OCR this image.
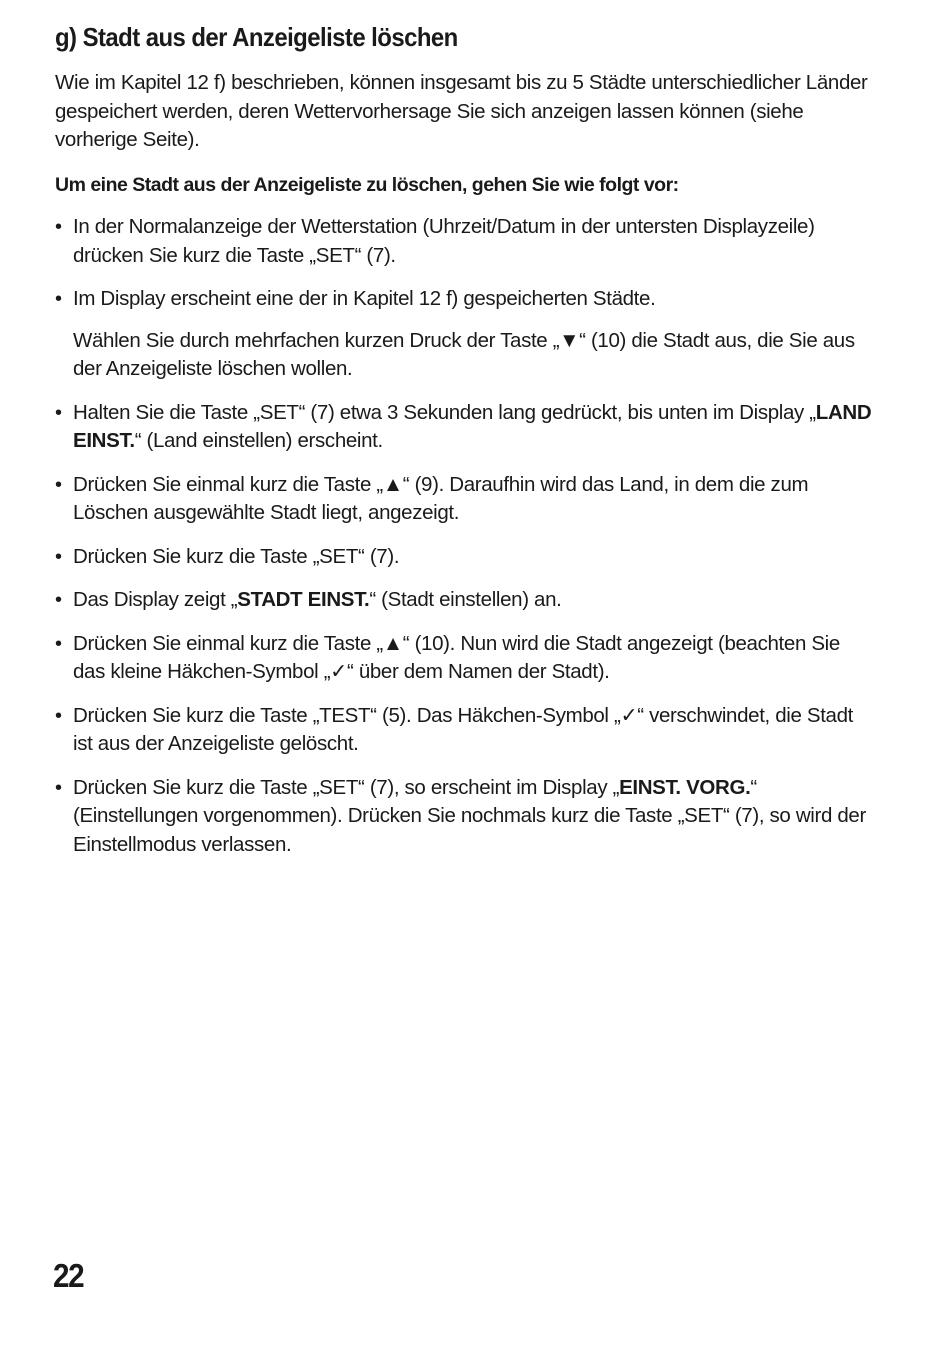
g) Stadt aus der Anzeigeliste löschen

Wie im Kapitel 12 f) beschrieben, können insgesamt bis zu 5 Städte unterschiedlicher Länder gespeichert werden, deren Wettervorhersage Sie sich anzeigen lassen können (siehe vorherige Seite).

Um eine Stadt aus der Anzeigeliste zu löschen, gehen Sie wie folgt vor:

• In der Normalanzeige der Wetterstation (Uhrzeit/Datum in der untersten Displayzeile) drücken Sie kurz die Taste „SET“ (7).
• Im Display erscheint eine der in Kapitel 12 f) gespeicherten Städte.
Wählen Sie durch mehrfachen kurzen Druck der Taste „▼“ (10) die Stadt aus, die Sie aus der Anzeigeliste löschen wollen.
• Halten Sie die Taste „SET“ (7) etwa 3 Sekunden lang gedrückt, bis unten im Display „LAND EINST.“ (Land einstellen) erscheint.
• Drücken Sie einmal kurz die Taste „▲“ (9). Daraufhin wird das Land, in dem die zum Löschen ausgewählte Stadt liegt, angezeigt.
• Drücken Sie kurz die Taste „SET“ (7).
• Das Display zeigt „STADT EINST.“ (Stadt einstellen) an.
• Drücken Sie einmal kurz die Taste „▲“ (10). Nun wird die Stadt angezeigt (beachten Sie das kleine Häkchen-Symbol „✓“ über dem Namen der Stadt).
• Drücken Sie kurz die Taste „TEST“ (5). Das Häkchen-Symbol „✓“ verschwindet, die Stadt ist aus der Anzeigeliste gelöscht.
• Drücken Sie kurz die Taste „SET“ (7), so erscheint im Display „EINST. VORG.“ (Einstellungen vorgenommen). Drücken Sie nochmals kurz die Taste „SET“ (7), so wird der Einstellmodus verlassen.
22
